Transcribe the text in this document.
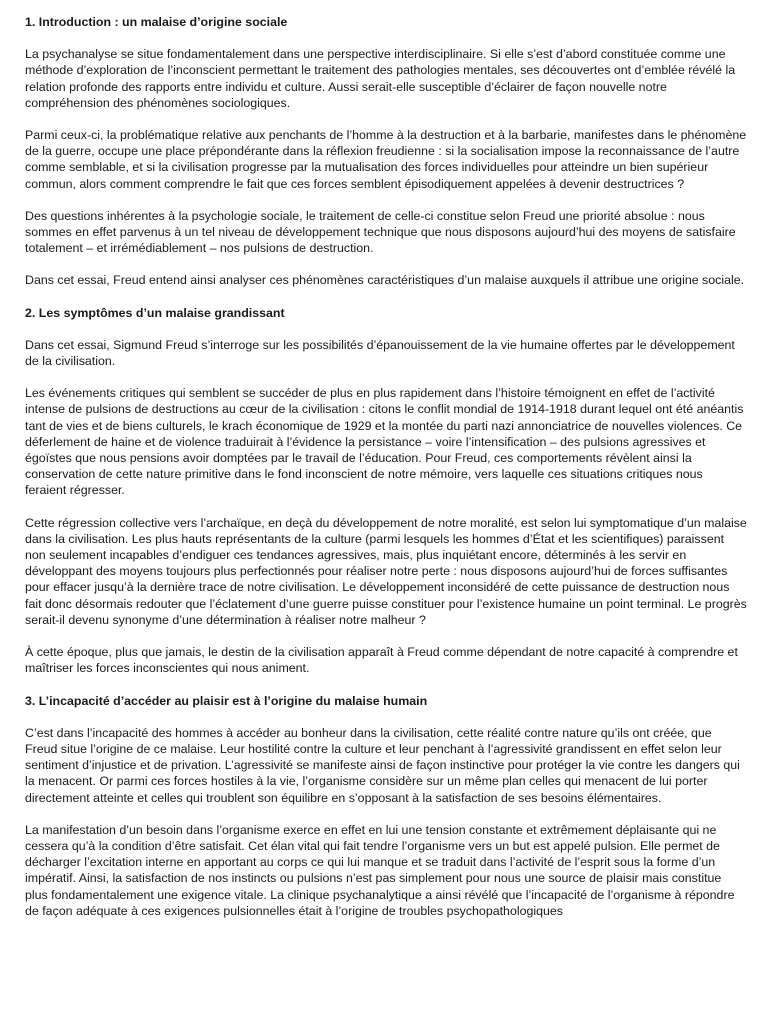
1. Introduction : un malaise d’origine sociale

La psychanalyse se situe fondamentalement dans une perspective interdisciplinaire. Si elle s’est d’abord constituée comme une méthode d’exploration de l’inconscient permettant le traitement des pathologies mentales, ses découvertes ont d’emblée révélé la relation profonde des rapports entre individu et culture. Aussi serait-elle susceptible d’éclairer de façon nouvelle notre compréhension des phénomènes sociologiques.

Parmi ceux-ci, la problématique relative aux penchants de l’homme à la destruction et à la barbarie, manifestes dans le phénomène de la guerre, occupe une place prépondérante dans la réflexion freudienne : si la socialisation impose la reconnaissance de l’autre comme semblable, et si la civilisation progresse par la mutualisation des forces individuelles pour atteindre un bien supérieur commun, alors comment comprendre le fait que ces forces semblent épisodiquement appelées à devenir destructrices ?

Des questions inhérentes à la psychologie sociale, le traitement de celle-ci constitue selon Freud une priorité absolue : nous sommes en effet parvenus à un tel niveau de développement technique que nous disposons aujourd’hui des moyens de satisfaire totalement – et irrémédiablement – nos pulsions de destruction.

Dans cet essai, Freud entend ainsi analyser ces phénomènes caractéristiques d’un malaise auxquels il attribue une origine sociale.

2. Les symptômes d’un malaise grandissant

Dans cet essai, Sigmund Freud s’interroge sur les possibilités d’épanouissement de la vie humaine offertes par le développement de la civilisation.

Les événements critiques qui semblent se succéder de plus en plus rapidement dans l’histoire témoignent en effet de l’activité intense de pulsions de destructions au cœur de la civilisation : citons le conflit mondial de 1914-1918 durant lequel ont été anéantis tant de vies et de biens culturels, le krach économique de 1929 et la montée du parti nazi annonciatrice de nouvelles violences. Ce déferlement de haine et de violence traduirait à l’évidence la persistance – voire l’intensification – des pulsions agressives et égoïstes que nous pensions avoir domptées par le travail de l’éducation. Pour Freud, ces comportements révèlent ainsi la conservation de cette nature primitive dans le fond inconscient de notre mémoire, vers laquelle ces situations critiques nous feraient régresser.

Cette régression collective vers l’archaïque, en deçà du développement de notre moralité, est selon lui symptomatique d’un malaise dans la civilisation. Les plus hauts représentants de la culture (parmi lesquels les hommes d’État et les scientifiques) paraissent non seulement incapables d’endiguer ces tendances agressives, mais, plus inquiétant encore, déterminés à les servir en développant des moyens toujours plus perfectionnés pour réaliser notre perte : nous disposons aujourd’hui de forces suffisantes pour effacer jusqu’à la dernière trace de notre civilisation. Le développement inconsidéré de cette puissance de destruction nous fait donc désormais redouter que l’éclatement d’une guerre puisse constituer pour l’existence humaine un point terminal. Le progrès serait-il devenu synonyme d’une détermination à réaliser notre malheur ?

À cette époque, plus que jamais, le destin de la civilisation apparaît à Freud comme dépendant de notre capacité à comprendre et maîtriser les forces inconscientes qui nous animent.

3. L’incapacité d’accéder au plaisir est à l’origine du malaise humain

C’est dans l’incapacité des hommes à accéder au bonheur dans la civilisation, cette réalité contre nature qu’ils ont créée, que Freud situe l’origine de ce malaise. Leur hostilité contre la culture et leur penchant à l’agressivité grandissent en effet selon leur sentiment d’injustice et de privation. L’agressivité se manifeste ainsi de façon instinctive pour protéger la vie contre les dangers qui la menacent. Or parmi ces forces hostiles à la vie, l’organisme considère sur un même plan celles qui menacent de lui porter directement atteinte et celles qui troublent son équilibre en s’opposant à la satisfaction de ses besoins élémentaires.

La manifestation d’un besoin dans l’organisme exerce en effet en lui une tension constante et extrêmement déplaisante qui ne cessera qu’à la condition d’être satisfait. Cet élan vital qui fait tendre l’organisme vers un but est appelé pulsion. Elle permet de décharger l’excitation interne en apportant au corps ce qui lui manque et se traduit dans l’activité de l’esprit sous la forme d’un impératif. Ainsi, la satisfaction de nos instincts ou pulsions n’est pas simplement pour nous une source de plaisir mais constitue plus fondamentalement une exigence vitale. La clinique psychanalytique a ainsi révélé que l’incapacité de l’organisme à répondre de façon adéquate à ces exigences pulsionnelles était à l’origine de troubles psychopathologiques
